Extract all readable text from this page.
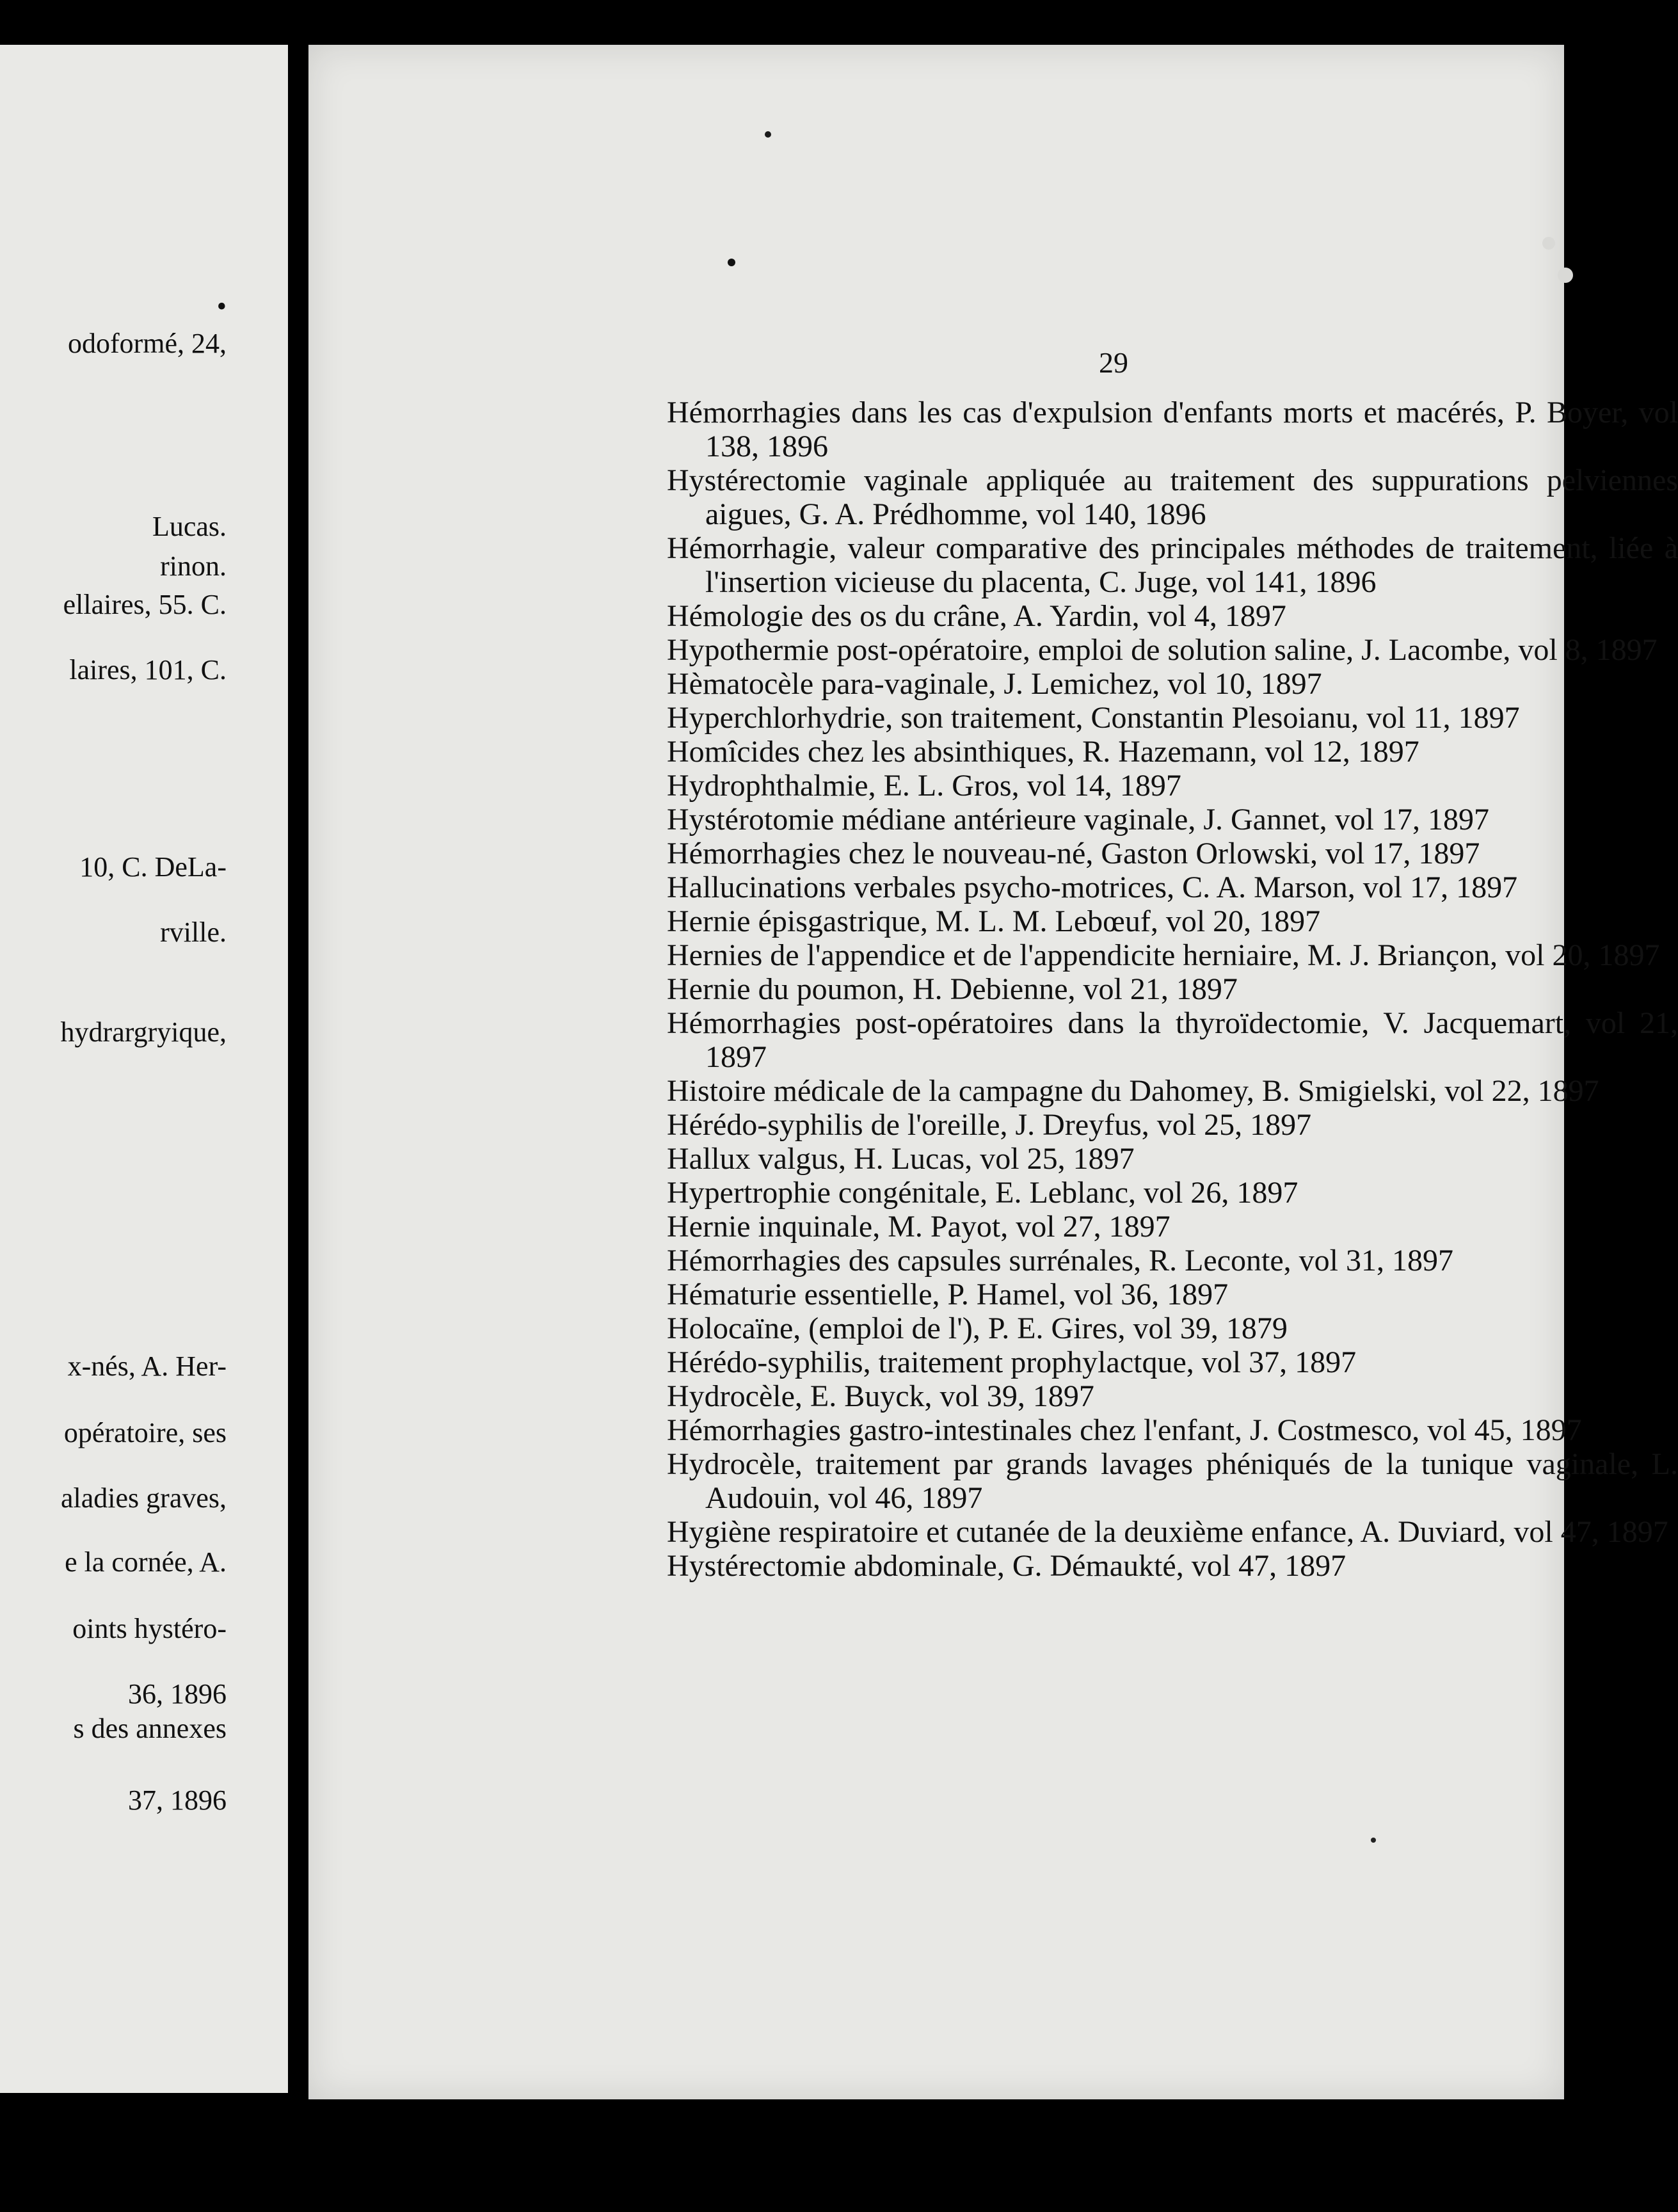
•
odoformé, 24,
Lucas.
rinon.
ellaires, 55. C.
laires, 101, C.
10, C. DeLa-
rville.
hydrargryique,
x-nés, A. Her-
opératoire, ses
aladies graves,
e la cornée, A.
oints hystéro-
36, 1896
s des annexes
37, 1896
29

Hémorrhagies dans les cas d'expulsion d'enfants morts et macérés, P. Boyer, vol 138, 1896

Hystérectomie vaginale appliquée au traitement des suppurations pelviennes aigues, G. A. Prédhomme, vol 140, 1896

Hémorrhagie, valeur comparative des principales méthodes de traitement, liée à l'insertion vicieuse du placenta, C. Juge, vol 141, 1896

Hémologie des os du crâne, A. Yardin, vol 4, 1897

Hypothermie post-opératoire, emploi de solution saline, J. Lacombe, vol 8, 1897

Hèmatocèle para-vaginale, J. Lemichez, vol 10, 1897

Hyperchlorhydrie, son traitement, Constantin Plesoianu, vol 11, 1897

Homîcides chez les absinthiques, R. Hazemann, vol 12, 1897

Hydrophthalmie, E. L. Gros, vol 14, 1897

Hystérotomie médiane antérieure vaginale, J. Gannet, vol 17, 1897

Hémorrhagies chez le nouveau-né, Gaston Orlowski, vol 17, 1897

Hallucinations verbales psycho-motrices, C. A. Marson, vol 17, 1897

Hernie épisgastrique, M. L. M. Lebœuf, vol 20, 1897

Hernies de l'appendice et de l'appendicite herniaire, M. J. Briançon, vol 20, 1897

Hernie du poumon, H. Debienne, vol 21, 1897

Hémorrhagies post-opératoires dans la thyroïdectomie, V. Jacquemart, vol 21, 1897

Histoire médicale de la campagne du Dahomey, B. Smigielski, vol 22, 1897

Hérédo-syphilis de l'oreille, J. Dreyfus, vol 25, 1897

Hallux valgus, H. Lucas, vol 25, 1897

Hypertrophie congénitale, E. Leblanc, vol 26, 1897

Hernie inquinale, M. Payot, vol 27, 1897

Hémorrhagies des capsules surrénales, R. Leconte, vol 31, 1897

Hématurie essentielle, P. Hamel, vol 36, 1897

Holocaïne, (emploi de l'), P. E. Gires, vol 39, 1879

Hérédo-syphilis, traitement prophylactque, vol 37, 1897

Hydrocèle, E. Buyck, vol 39, 1897

Hémorrhagies gastro-intestinales chez l'enfant, J. Costmesco, vol 45, 1897

Hydrocèle, traitement par grands lavages phéniqués de la tunique vaginale, L. Audouin, vol 46, 1897

Hygiène respiratoire et cutanée de la deuxième enfance, A. Duviard, vol 47, 1897

Hystérectomie abdominale, G. Démaukté, vol 47, 1897
